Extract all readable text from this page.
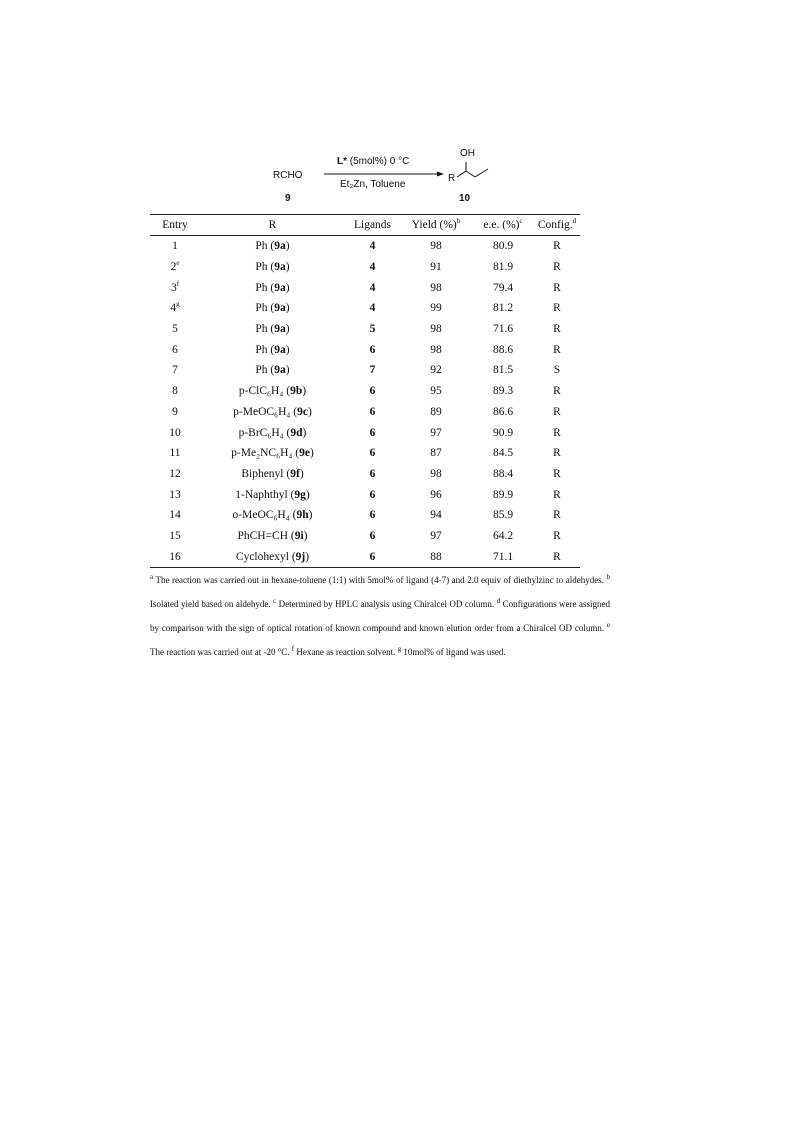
RCHO
9
L* (5mol%) 0 °C
Et₂Zn, Toluene
OH
R
10
Entry	R	Ligands	Yield (%)$^b$	e.e. (%)$^c$	Config.$^d$
1	Ph (9a)	4	98	80.9	R
2e	Ph (9a)	4	91	81.9	R
3$^f$	Ph (9a)	4	98	79.4	R
4$^g$	Ph (9a)	4	99	81.2	R
5	Ph (9a)	5	98	71.6	R
6	Ph (9a)	6	98	88.6	R
7	Ph (9a)	7	92	81.5	S
8	p-ClC₆H₄ (9b)	6	95	89.3	R
9	p-MeOC₆H₄ (9c)	6	89	86.6	R
10	p-BrC₆H₄ (9d)	6	97	90.9	R
11	p-Me₂NC₆H₄ (9e)	6	87	84.5	R
12	Biphenyl (9f)	6	98	88.4	R
13	1-Naphthyl (9g)	6	96	89.9	R
14	o-MeOC₆H₄ (9h)	6	94	85.9	R
15	PhCH=CH (9i)	6	97	64.2	R
16	Cyclohexyl (9j)	6	88	71.1	R

$^a$ The reaction was carried out in hexane-toluene (1:1) with 5mol% of ligand (4-7) and 2.0 equiv of diethylzinc to aldehydes. $^b$ Isolated yield based on aldehyde. $^c$ Determined by HPLC analysis using Chiralcel OD column. $^d$ Configurations were assigned by comparison with the sign of optical rotation of known compound and known elution order from a Chiralcel OD column. $^e$ The reaction was carried out at -20 °C. $^f$ Hexane as reaction solvent. $^g$ 10mol% of ligand was used.
